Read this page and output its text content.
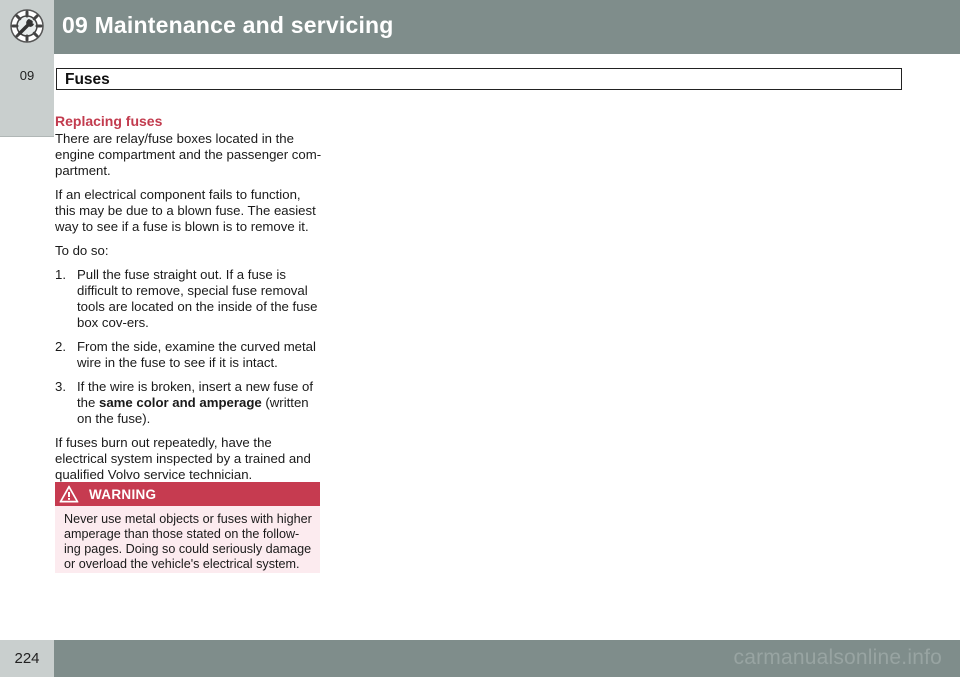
09 Maintenance and servicing
09	Fuses
Replacing fuses

There are relay/fuse boxes located in the engine compartment and the passenger com-partment.

If an electrical component fails to function, this may be due to a blown fuse. The easiest way to see if a fuse is blown is to remove it.

To do so:

1. Pull the fuse straight out. If a fuse is difficult to remove, special fuse removal tools are located on the inside of the fuse box cov-ers.
2. From the side, examine the curved metal wire in the fuse to see if it is intact.
3. If the wire is broken, insert a new fuse of the same color and amperage (written on the fuse).

If fuses burn out repeatedly, have the electrical system inspected by a trained and qualified Volvo service technician.

WARNING
Never use metal objects or fuses with higher amperage than those stated on the follow-ing pages. Doing so could seriously damage or overload the vehicle's electrical system.
224	carmanualsonline.info
